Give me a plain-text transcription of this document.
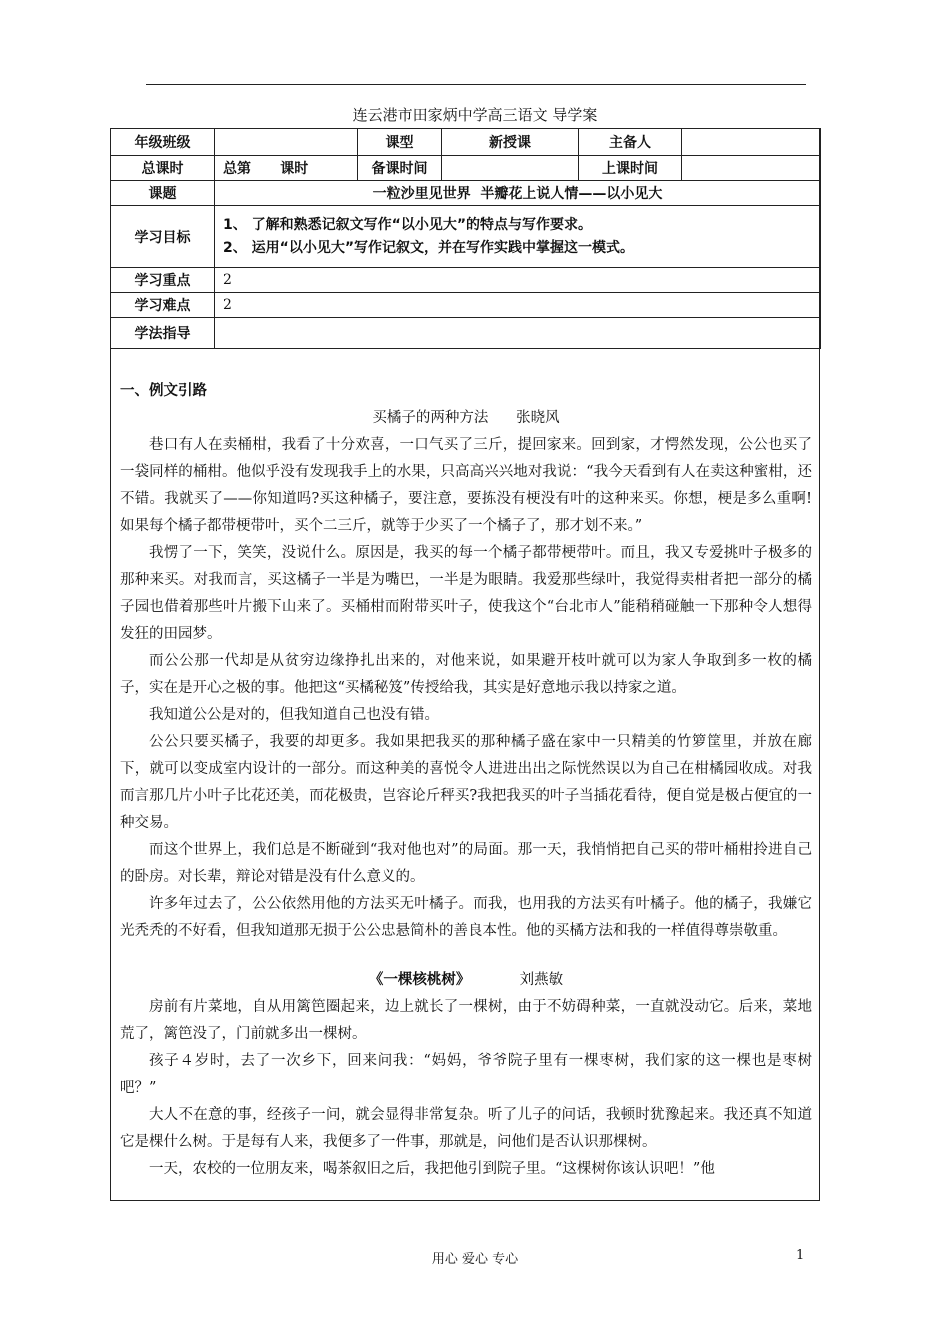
连云港市田家炳中学高三语文 导学案
年级班级		课型	新授课	主备人	
总课时	总第      课时	备课时间		上课时间	
课题	一粒沙里见世界  半瓣花上说人情——以小见大				
学习目标	1、 了解和熟悉记叙文写作“以小见大”的特点与写作要求。
2、 运用“以小见大”写作记叙文，并在写作实践中掌握这一模式。				

学习重点	2				
学习难点	2				
学法指导					
一、例文引路
买橘子的两种方法      张晓风

巷口有人在卖桶柑，我看了十分欢喜，一口气买了三斤，提回家来。回到家，才愕然发现，公公也买了一袋同样的桶柑。他似乎没有发现我手上的水果，只高高兴兴地对我说：“我今天看到有人在卖这种蜜柑，还不错。我就买了——你知道吗?买这种橘子，要注意，要拣没有梗没有叶的这种来买。你想，梗是多么重啊!如果每个橘子都带梗带叶，买个二三斤，就等于少买了一个橘子了，那才划不来。”

我愣了一下，笑笑，没说什么。原因是，我买的每一个橘子都带梗带叶。而且，我又专爱挑叶子极多的那种来买。对我而言，买这橘子一半是为嘴巴，一半是为眼睛。我爱那些绿叶，我觉得卖柑者把一部分的橘子园也借着那些叶片搬下山来了。买桶柑而附带买叶子，使我这个“台北市人”能稍稍碰触一下那种令人想得发狂的田园梦。

而公公那一代却是从贫穷边缘挣扎出来的，对他来说，如果避开枝叶就可以为家人争取到多一枚的橘子，实在是开心之极的事。他把这“买橘秘笈”传授给我，其实是好意地示我以持家之道。

我知道公公是对的，但我知道自己也没有错。

公公只要买橘子，我要的却更多。我如果把我买的那种橘子盛在家中一只精美的竹箩筐里，并放在廊下，就可以变成室内设计的一部分。而这种美的喜悦令人进进出出之际恍然误以为自己在柑橘园收成。对我而言那几片小叶子比花还美，而花极贵，岂容论斤秤买?我把我买的叶子当插花看待，便自觉是极占便宜的一种交易。

而这个世界上，我们总是不断碰到“我对他也对”的局面。那一天，我悄悄把自己买的带叶桶柑拎进自己的卧房。对长辈，辩论对错是没有什么意义的。

许多年过去了，公公依然用他的方法买无叶橘子。而我，也用我的方法买有叶橘子。他的橘子，我嫌它光秃秃的不好看，但我知道那无损于公公忠悬简朴的善良本性。他的买橘方法和我的一样值得尊崇敬重。

《一棵核桃树》	刘燕敏

房前有片菜地，自从用篱笆圈起来，边上就长了一棵树，由于不妨碍种菜，一直就没动它。后来，菜地荒了，篱笆没了，门前就多出一棵树。

孩子４岁时，去了一次乡下，回来问我：“妈妈，爷爷院子里有一棵枣树，我们家的这一棵也是枣树吧？”

大人不在意的事，经孩子一问，就会显得非常复杂。听了儿子的问话，我顿时犹豫起来。我还真不知道它是棵什么树。于是每有人来，我便多了一件事，那就是，问他们是否认识那棵树。

一天，农校的一位朋友来，喝茶叙旧之后，我把他引到院子里。“这棵树你该认识吧！”他

用心 爱心 专心	1
